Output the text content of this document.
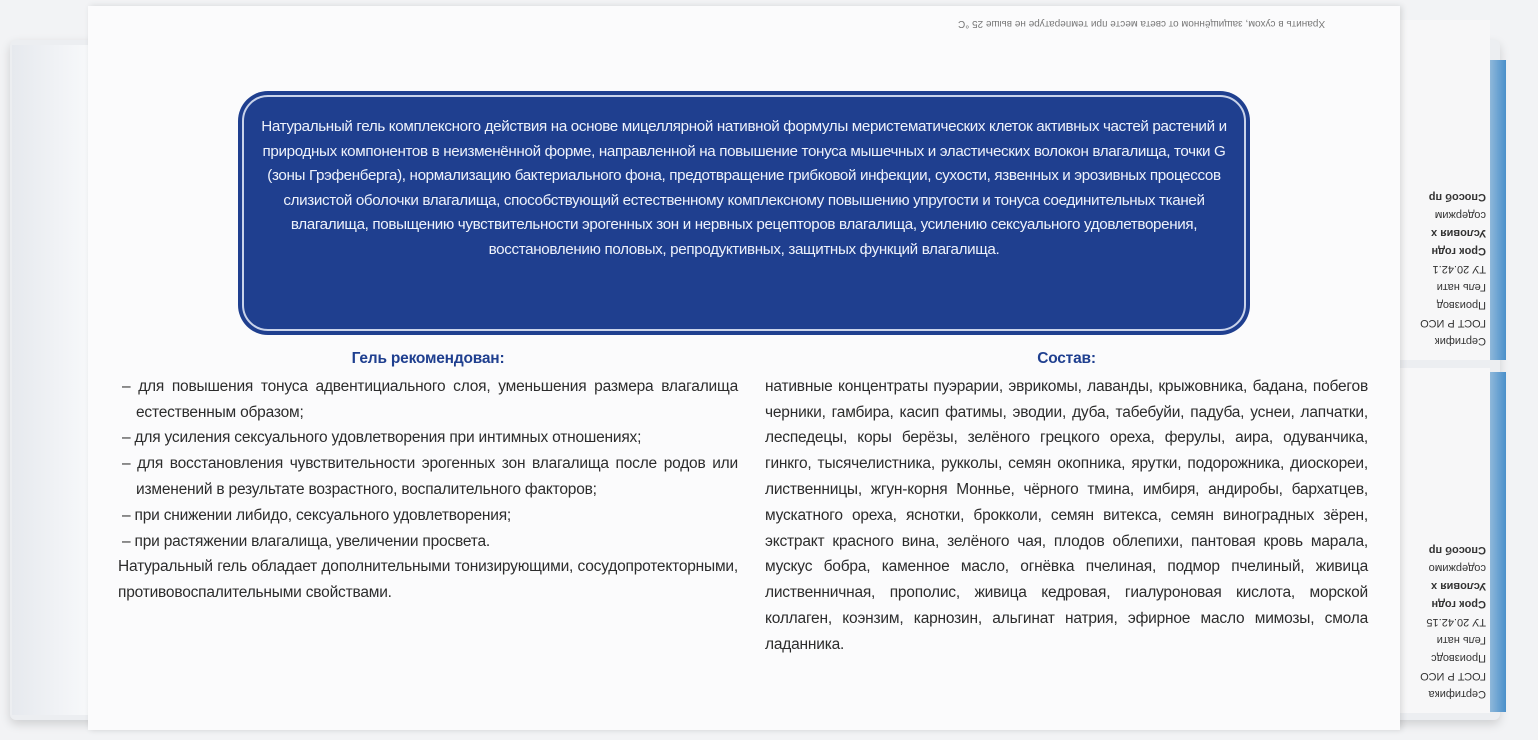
Сертифик
ГОСТ Р ИСО
Производ
Гель нати
ТУ 20.42.1
Срок годн
Условия х
содержим
Способ пр
Сертифика
ГОСТ Р ИСО
Производс
Гель нати
ТУ 20.42.15
Срок годн
Условия х
содержимо
Способ пр
Хранить в сухом, защищённом от света месте при температуре не выше 25 °С
Натуральный гель комплексного действия на основе мицеллярной нативной формулы меристематических клеток активных частей растений и природных компонентов в неизменённой форме, направленной на повышение тонуса мышечных и эластических волокон влагалища, точки G (зоны Грэфенберга), нормализацию бактериального фона, предотвращение грибковой инфекции, сухости, язвенных и эрозивных процессов слизистой оболочки влагалища, способствующий естественному комплексному повышению упругости и тонуса соединительных тканей влагалища, повыщению чувствительности эрогенных зон и нервных рецепторов влагалища, усилению сексуального удовлетворения, восстановлению половых, репродуктивных, защитных функций влагалища.
Гель рекомендован:
– для повышения тонуса адвентициального слоя, уменьшения размера влагалища естественным образом;
– для усиления сексуального удовлетворения при интимных отношениях;
– для восстановления чувствительности эрогенных зон влагалища после родов или изменений в результате возрастного, воспалительного факторов;
– при снижении либидо, сексуального удовлетворения;
– при растяжении влагалища, увеличении просвета.
Натуральный гель обладает дополнительными тонизирующими, сосудопротекторными, противовоспалительными свойствами.
Состав:
нативные концентраты пуэрарии, эврикомы, лаванды, крыжовника, бадана, побегов черники, гамбира, касип фатимы, эводии, дуба, табебуйи, падуба, уснеи, лапчатки, леспедецы, коры берёзы, зелёного грецкого ореха, ферулы, аира, одуванчика, гинкго, тысячелистника, рукколы, семян окопника, ярутки, подорожника, диоскореи, лиственницы, жгун-корня Моннье, чёрного тмина, имбиря, андиробы, бархатцев, мускатного ореха, яснотки, брокколи, семян витекса, семян виноградных зёрен, экстракт красного вина, зелёного чая, плодов облепихи, пантовая кровь марала, мускус бобра, каменное масло, огнёвка пчелиная, подмор пчелиный, живица лиственничная, прополис, живица кедровая, гиалуроновая кислота, морской коллаген, коэнзим, карнозин, альгинат натрия, эфирное масло мимозы, смола ладанника.
